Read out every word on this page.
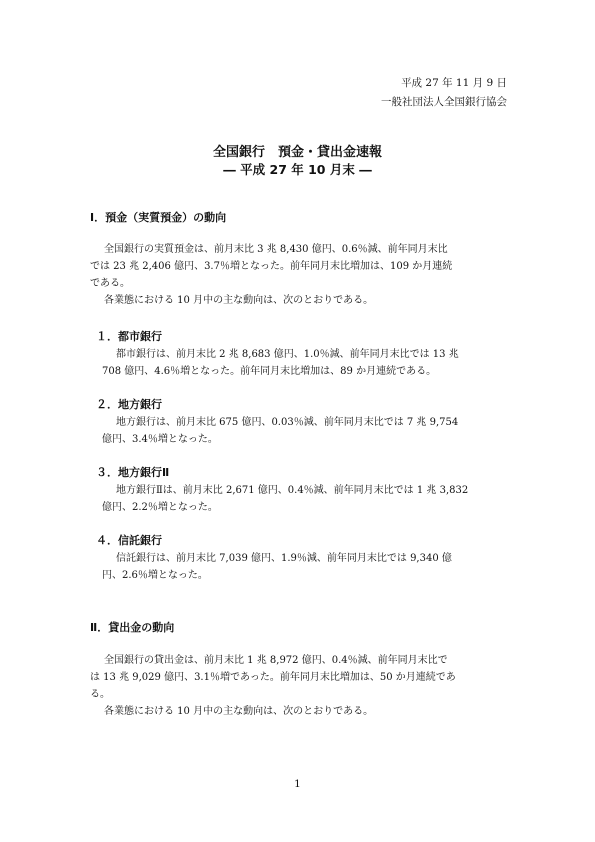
平成 27 年 11 月 9 日
一般社団法人全国銀行協会
全国銀行　預金・貸出金速報
― 平成 27 年 10 月末 ―
Ⅰ．預金（実質預金）の動向
全国銀行の実質預金は、前月末比 3 兆 8,430 億円、0.6％減、前年同月末比
では 23 兆 2,406 億円、3.7％増となった。前年同月末比増加は、109 か月連続
である。
各業態における 10 月中の主な動向は、次のとおりである。
１．都市銀行
都市銀行は、前月末比 2 兆 8,683 億円、1.0％減、前年同月末比では 13 兆
708 億円、4.6％増となった。前年同月末比増加は、89 か月連続である。
２．地方銀行
地方銀行は、前月末比 675 億円、0.03％減、前年同月末比では 7 兆 9,754
億円、3.4％増となった。
３．地方銀行Ⅱ
地方銀行Ⅱは、前月末比 2,671 億円、0.4％減、前年同月末比では 1 兆 3,832
億円、2.2％増となった。
４．信託銀行
信託銀行は、前月末比 7,039 億円、1.9％減、前年同月末比では 9,340 億
円、2.6％増となった。
Ⅱ．貸出金の動向
全国銀行の貸出金は、前月末比 1 兆 8,972 億円、0.4％減、前年同月末比で
は 13 兆 9,029 億円、3.1％増であった。前年同月末比増加は、50 か月連続であ
る。
各業態における 10 月中の主な動向は、次のとおりである。
1
